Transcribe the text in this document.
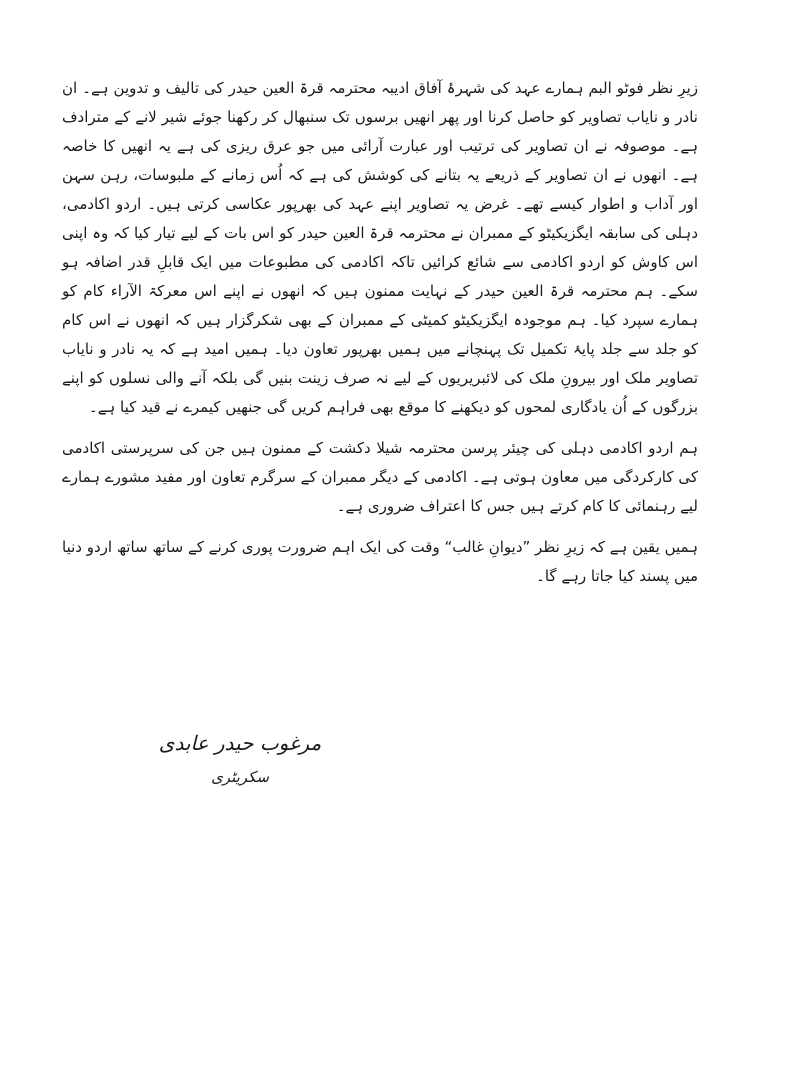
زیرِ نظر فوٹو البم ہمارے عہد کی شہرۂ آفاق ادیبہ محترمہ قرۃ العین حیدر کی تالیف و تدوین ہے۔ ان نادر و نایاب تصاویر کو حاصل کرنا اور پھر انھیں برسوں تک سنبھال کر رکھنا جوئے شیر لانے کے مترادف ہے۔ موصوفہ نے ان تصاویر کی ترتیب اور عبارت آرائی میں جو عرق ریزی کی ہے یہ انھیں کا خاصہ ہے۔ انھوں نے ان تصاویر کے ذریعے یہ بتانے کی کوشش کی ہے کہ اُس زمانے کے ملبوسات، رہن سہن اور آداب و اطوار کیسے تھے۔ غرض یہ تصاویر اپنے عہد کی بھرپور عکاسی کرتی ہیں۔ اردو اکادمی، دہلی کی سابقہ ایگزیکیٹو کے ممبران نے محترمہ قرۃ العین حیدر کو اس بات کے لیے تیار کیا کہ وہ اپنی اس کاوش کو اردو اکادمی سے شائع کرائیں تاکہ اکادمی کی مطبوعات میں ایک قابلِ قدر اضافہ ہو سکے۔ ہم محترمہ قرۃ العین حیدر کے نہایت ممنون ہیں کہ انھوں نے اپنے اس معرکۃ الآراء کام کو ہمارے سپرد کیا۔ ہم موجودہ ایگزیکیٹو کمیٹی کے ممبران کے بھی شکرگزار ہیں کہ انھوں نے اس کام کو جلد سے جلد پایۂ تکمیل تک پہنچانے میں ہمیں بھرپور تعاون دیا۔ ہمیں امید ہے کہ یہ نادر و نایاب تصاویر ملک اور بیرونِ ملک کی لائبریریوں کے لیے نہ صرف زینت بنیں گی بلکہ آنے والی نسلوں کو اپنے بزرگوں کے اُن یادگاری لمحوں کو دیکھنے کا موقع بھی فراہم کریں گی جنھیں کیمرے نے قید کیا ہے۔

ہم اردو اکادمی دہلی کی چیئر پرسن محترمہ شیلا دکشت کے ممنون ہیں جن کی سرپرستی اکادمی کی کارکردگی میں معاون ہوتی ہے۔ اکادمی کے دیگر ممبران کے سرگرم تعاون اور مفید مشورے ہمارے لیے رہنمائی کا کام کرتے ہیں جس کا اعتراف ضروری ہے۔

ہمیں یقین ہے کہ زیرِ نظر ”دیوانِ غالب“ وقت کی ایک اہم ضرورت پوری کرنے کے ساتھ ساتھ اردو دنیا میں پسند کیا جاتا رہے گا۔

مرغوب حیدر عابدی
سکریٹری
